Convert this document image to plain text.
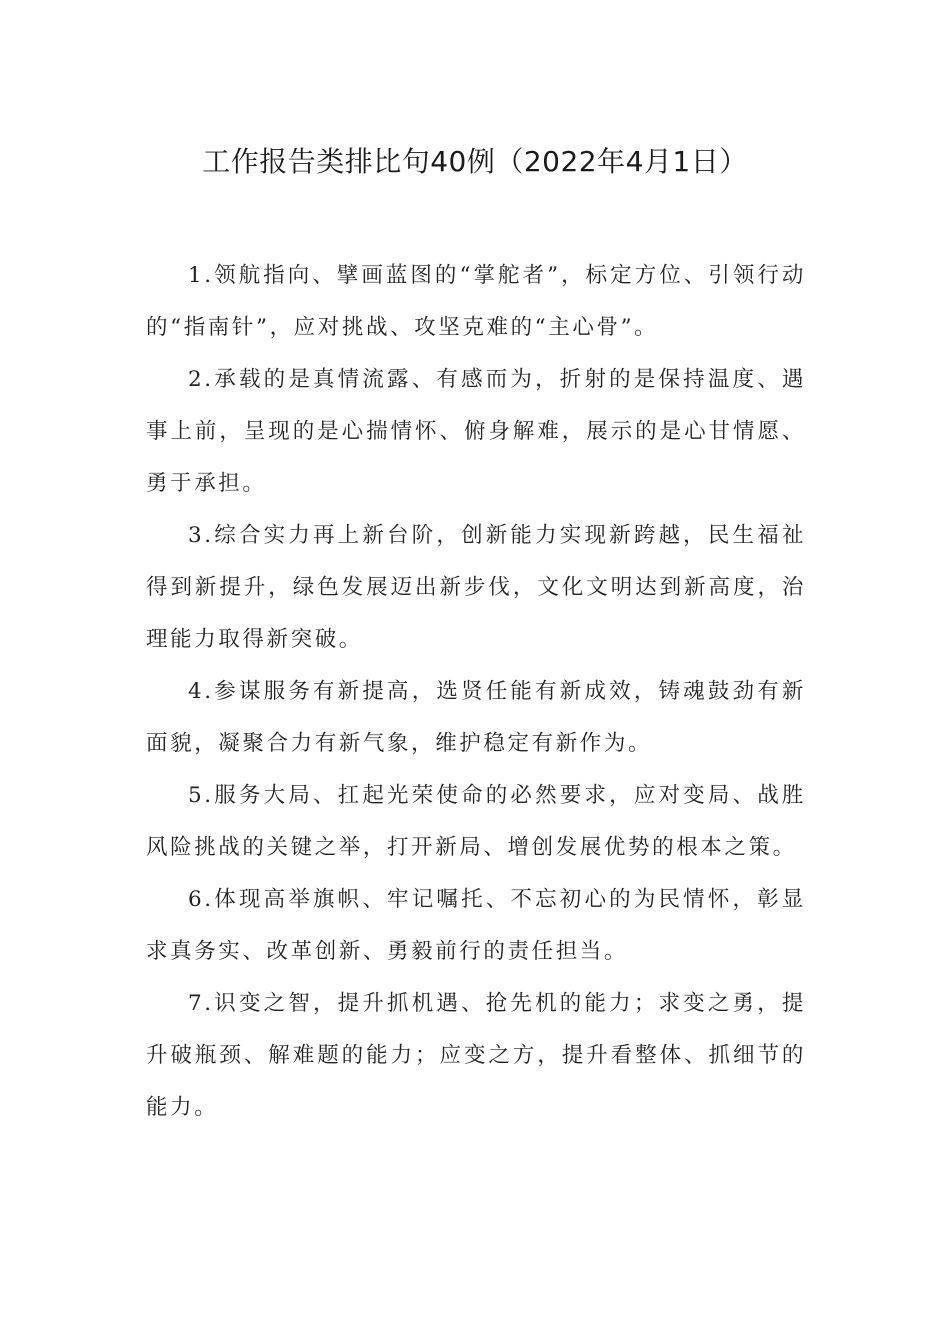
工作报告类排比句40例（2022年4月1日）

1.领航指向、擘画蓝图的“掌舵者”，标定方位、引领行动的“指南针”，应对挑战、攻坚克难的“主心骨”。

2.承载的是真情流露、有感而为，折射的是保持温度、遇事上前，呈现的是心揣情怀、俯身解难，展示的是心甘情愿、勇于承担。

3.综合实力再上新台阶，创新能力实现新跨越，民生福祉得到新提升，绿色发展迈出新步伐，文化文明达到新高度，治理能力取得新突破。

4.参谋服务有新提高，选贤任能有新成效，铸魂鼓劲有新面貌，凝聚合力有新气象，维护稳定有新作为。

5.服务大局、扛起光荣使命的必然要求，应对变局、战胜风险挑战的关键之举，打开新局、增创发展优势的根本之策。

6.体现高举旗帜、牢记嘱托、不忘初心的为民情怀，彰显求真务实、改革创新、勇毅前行的责任担当。

7.识变之智，提升抓机遇、抢先机的能力；求变之勇，提升破瓶颈、解难题的能力；应变之方，提升看整体、抓细节的能力。
